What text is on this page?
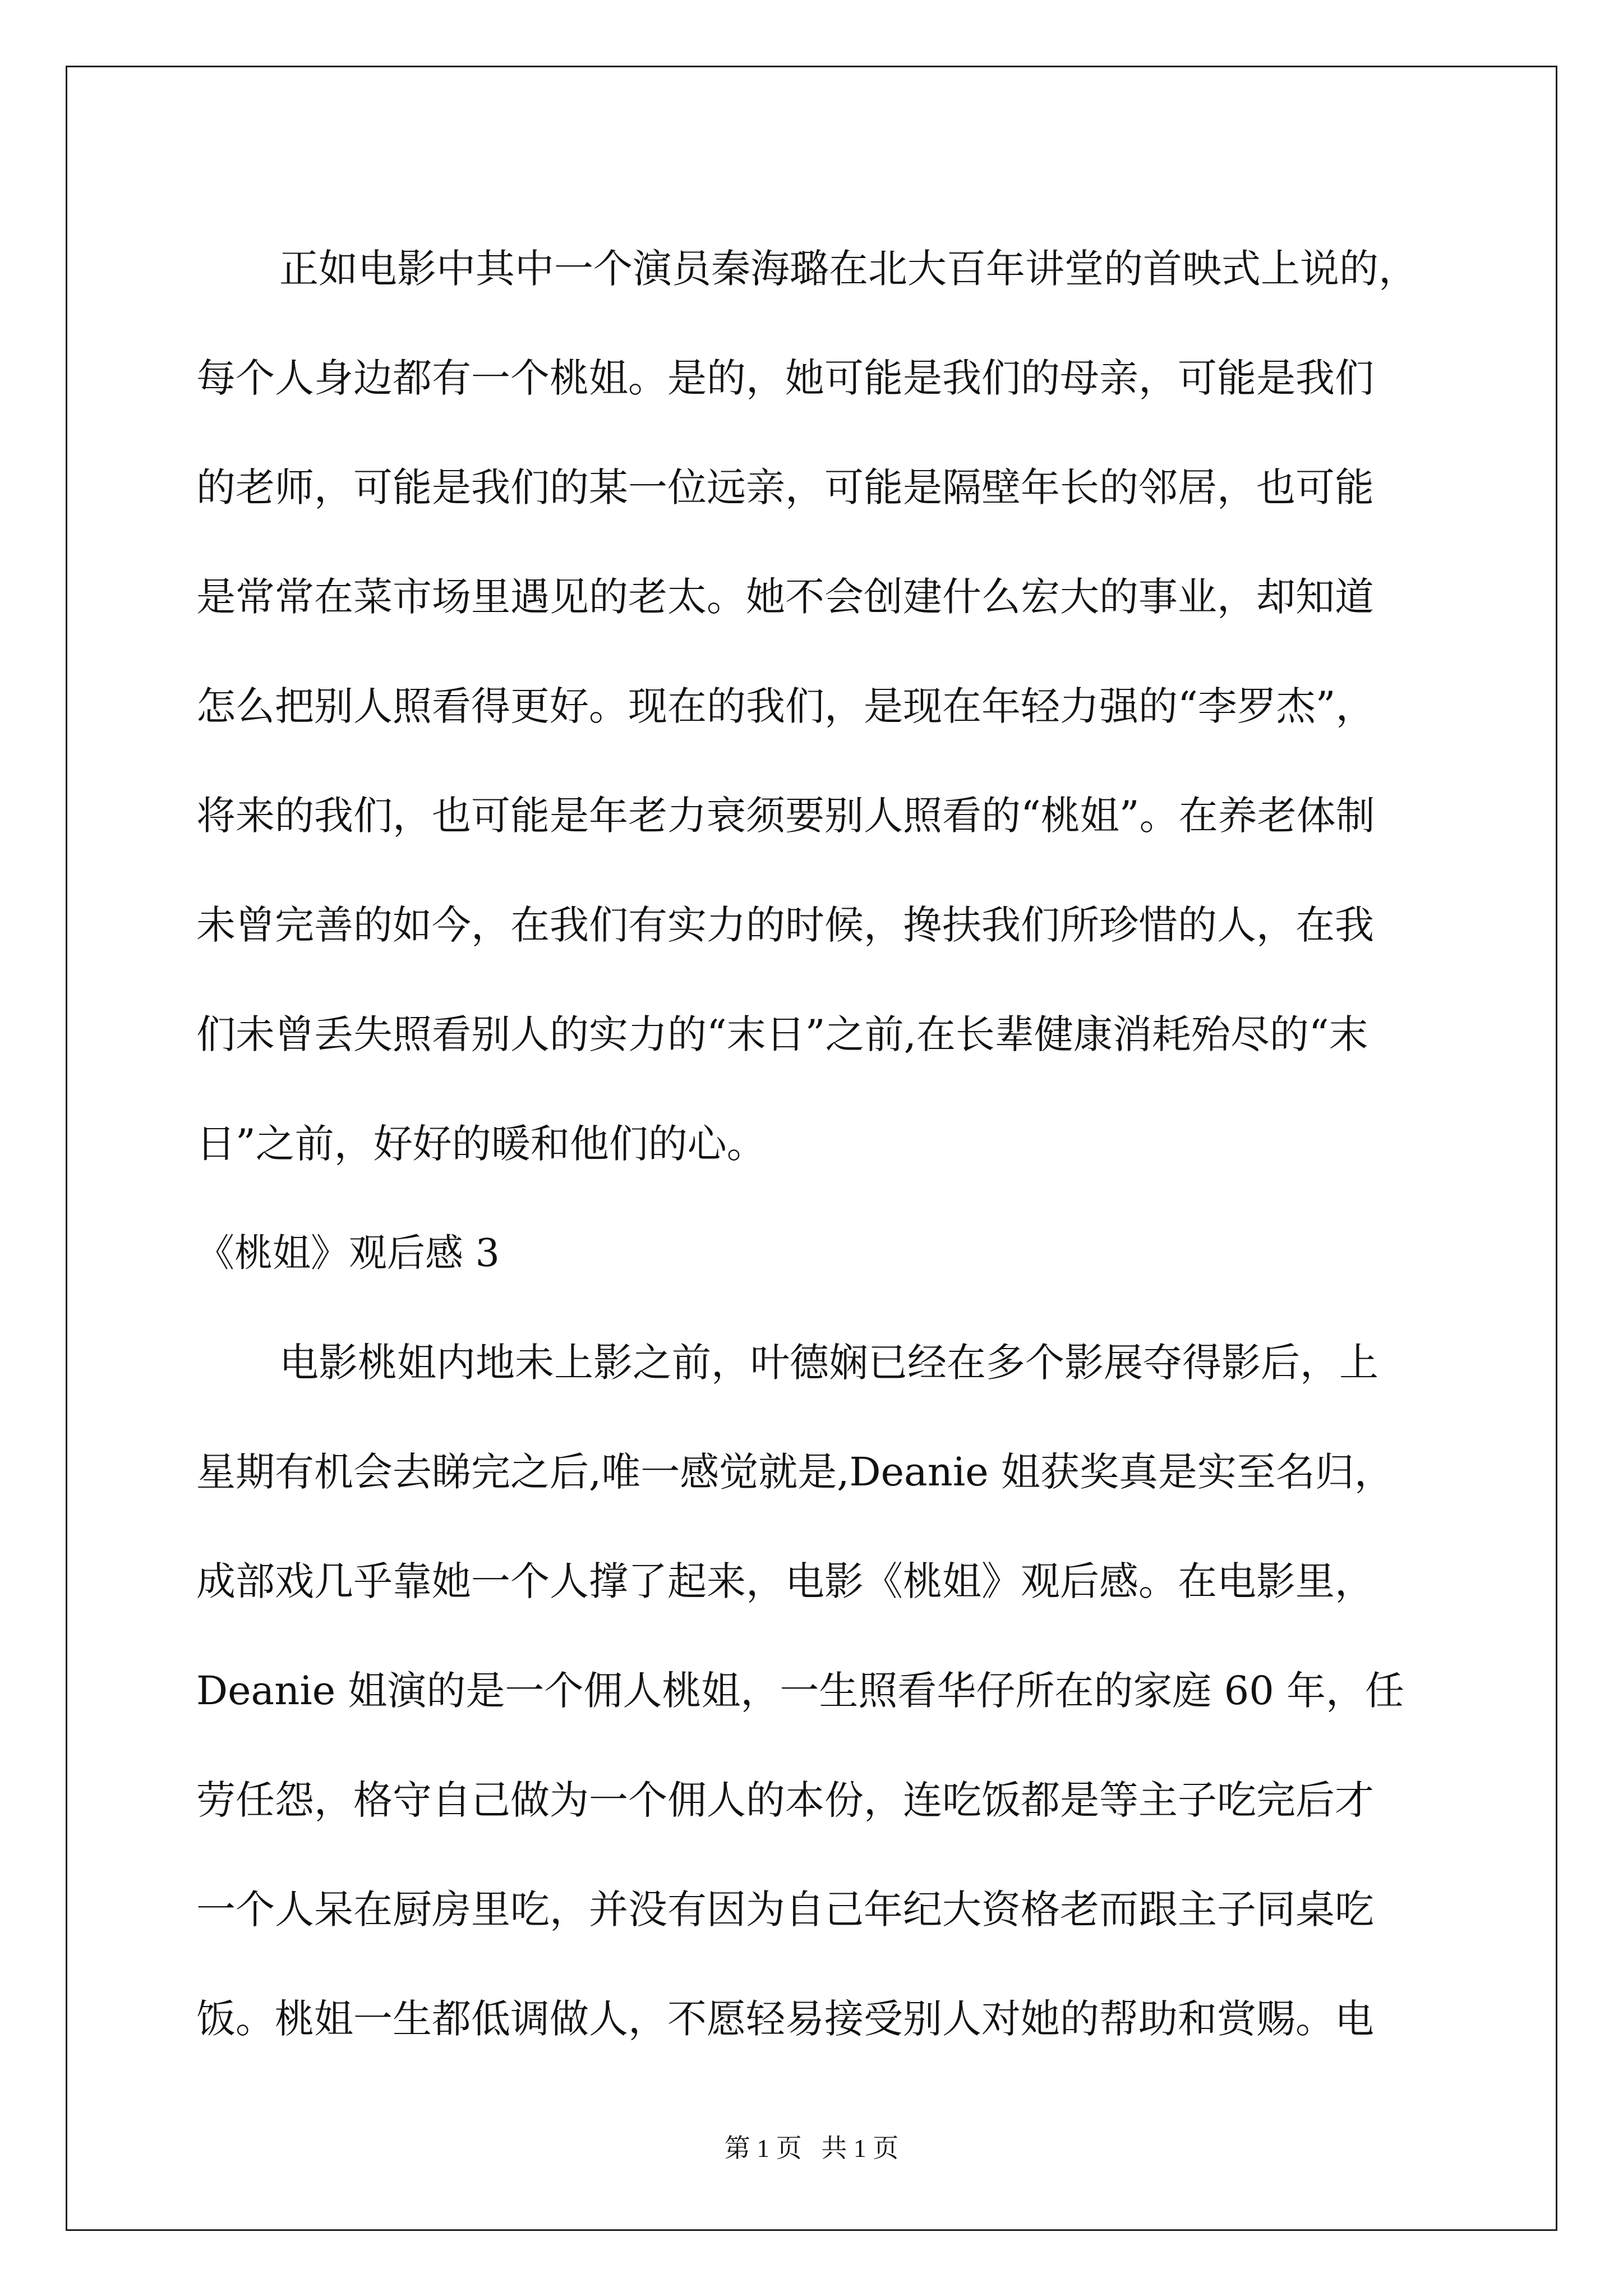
正如电影中其中一个演员秦海璐在北大百年讲堂的首映式上说的，
每个人身边都有一个桃姐。是的，她可能是我们的母亲，可能是我们
的老师，可能是我们的某一位远亲，可能是隔壁年长的邻居，也可能
是常常在菜市场里遇见的老太。她不会创建什么宏大的事业，却知道
怎么把别人照看得更好。现在的我们，是现在年轻力强的“李罗杰”，
将来的我们，也可能是年老力衰须要别人照看的“桃姐”。在养老体制
未曾完善的如今，在我们有实力的时候，搀扶我们所珍惜的人，在我
们未曾丢失照看别人的实力的“末日”之前,在长辈健康消耗殆尽的“末
日”之前，好好的暖和他们的心。
《桃姐》观后感 3
电影桃姐内地未上影之前，叶德娴已经在多个影展夺得影后，上
星期有机会去睇完之后,唯一感觉就是,Deanie 姐获奖真是实至名归，
成部戏几乎靠她一个人撑了起来，电影《桃姐》观后感。在电影里，
Deanie 姐演的是一个佣人桃姐，一生照看华仔所在的家庭 60 年，任
劳任怨，格守自己做为一个佣人的本份，连吃饭都是等主子吃完后才
一个人呆在厨房里吃，并没有因为自己年纪大资格老而跟主子同桌吃
饭。桃姐一生都低调做人，不愿轻易接受别人对她的帮助和赏赐。电
第 1 页   共 1 页
